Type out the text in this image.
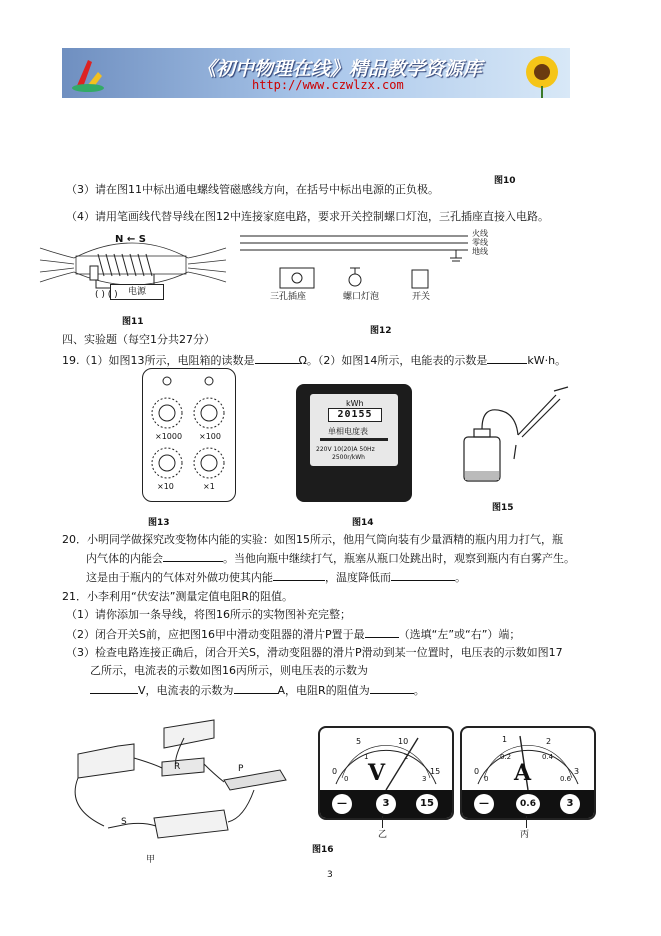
《初中物理在线》精品教学资源库
http://www.czwlzx.com
图10
（3）请在图11中标出通电螺线管磁感线方向，在括号中标出电源的正负极。
（4）请用笔画线代替导线在图12中连接家庭电路，要求开关控制螺口灯泡，三孔插座直接入电路。
N ← S
电源
( ) ( )
图11
火线
零线
地线
三孔插座	螺口灯泡	开关
图12
四、实验题（每空1分共27分）
19.（1）如图13所示，电阻箱的读数是	Ω。（2）如图14所示，电能表的示数是	kW·h。
×1000 ×100
×10	×1
图13
kWh
20155
单相电度表
220V 10(20)A 50Hz
2500r/kWh
图14
图15
20．小明同学做探究改变物体内能的实验：如图15所示，他用气筒向装有少量酒精的瓶内用力打气，瓶
内气体的内能会	。当他向瓶中继续打气，瓶塞从瓶口处跳出时，观察到瓶内有白雾产生。
这是由于瓶内的气体对外做功使其内能	，温度降低而	。
21．小李利用“伏安法”测量定值电阻R的阻值。
（1）请你添加一条导线，将图16所示的实物图补充完整；
（2）闭合开关S前，应把图16甲中滑动变阻器的滑片P置于最	（选填“左”或“右”）端；
（3）检查电路连接正确后，闭合开关S，滑动变阻器的滑片P滑动到某一位置时，电压表的示数如图17
乙所示，电流表的示数如图16丙所示，则电压表的示数为
V，电流表的示数为	A，电阻R的阻值为	。
R	P
S
甲
0
5	10
15
0
1	2
3
V
—	3	15
乙
0
1	2
3
0
0.2	0.4
0.6
A
—	0.6	3
丙
图16
3
